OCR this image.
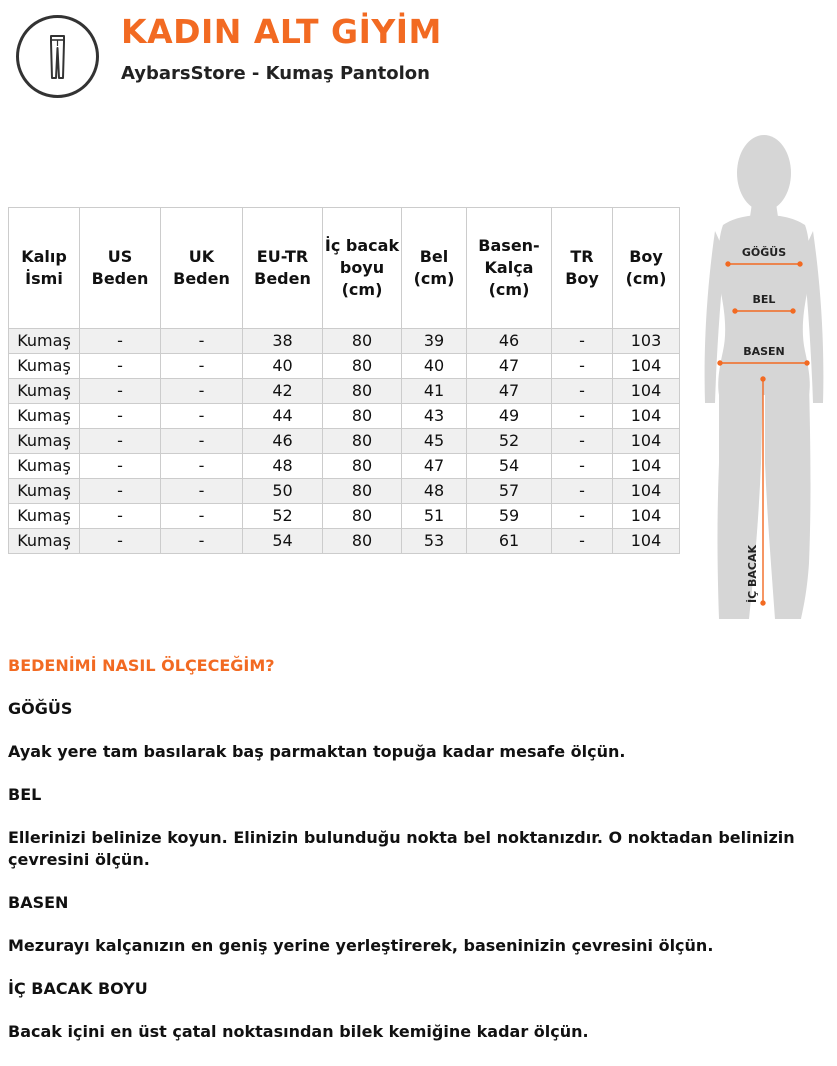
KADIN ALT GİYİM
AybarsStore - Kumaş Pantolon
Kalıp İsmi	US Beden	UK Beden	EU-TR Beden	İç bacak boyu (cm)	Bel (cm)	Basen-Kalça (cm)	TR Boy	Boy (cm)
Kumaş	-	-	38	80	39	46	-	103
Kumaş	-	-	40	80	40	47	-	104
Kumaş	-	-	42	80	41	47	-	104
Kumaş	-	-	44	80	43	49	-	104
Kumaş	-	-	46	80	45	52	-	104
Kumaş	-	-	48	80	47	54	-	104
Kumaş	-	-	50	80	48	57	-	104
Kumaş	-	-	52	80	51	59	-	104
Kumaş	-	-	54	80	53	61	-	104
GÖĞÜS
BEL
BASEN
İÇ BACAK

BEDENİMİ NASIL ÖLÇECEĞİM?

GÖĞÜS

Ayak yere tam basılarak baş parmaktan topuğa kadar mesafe ölçün.

BEL

Ellerinizi belinize koyun. Elinizin bulunduğu nokta bel noktanızdır. O noktadan belinizin çevresini ölçün.

BASEN

Mezurayı kalçanızın en geniş yerine yerleştirerek, baseninizin çevresini ölçün.

İÇ BACAK BOYU

Bacak içini en üst çatal noktasından bilek kemiğine kadar ölçün.
